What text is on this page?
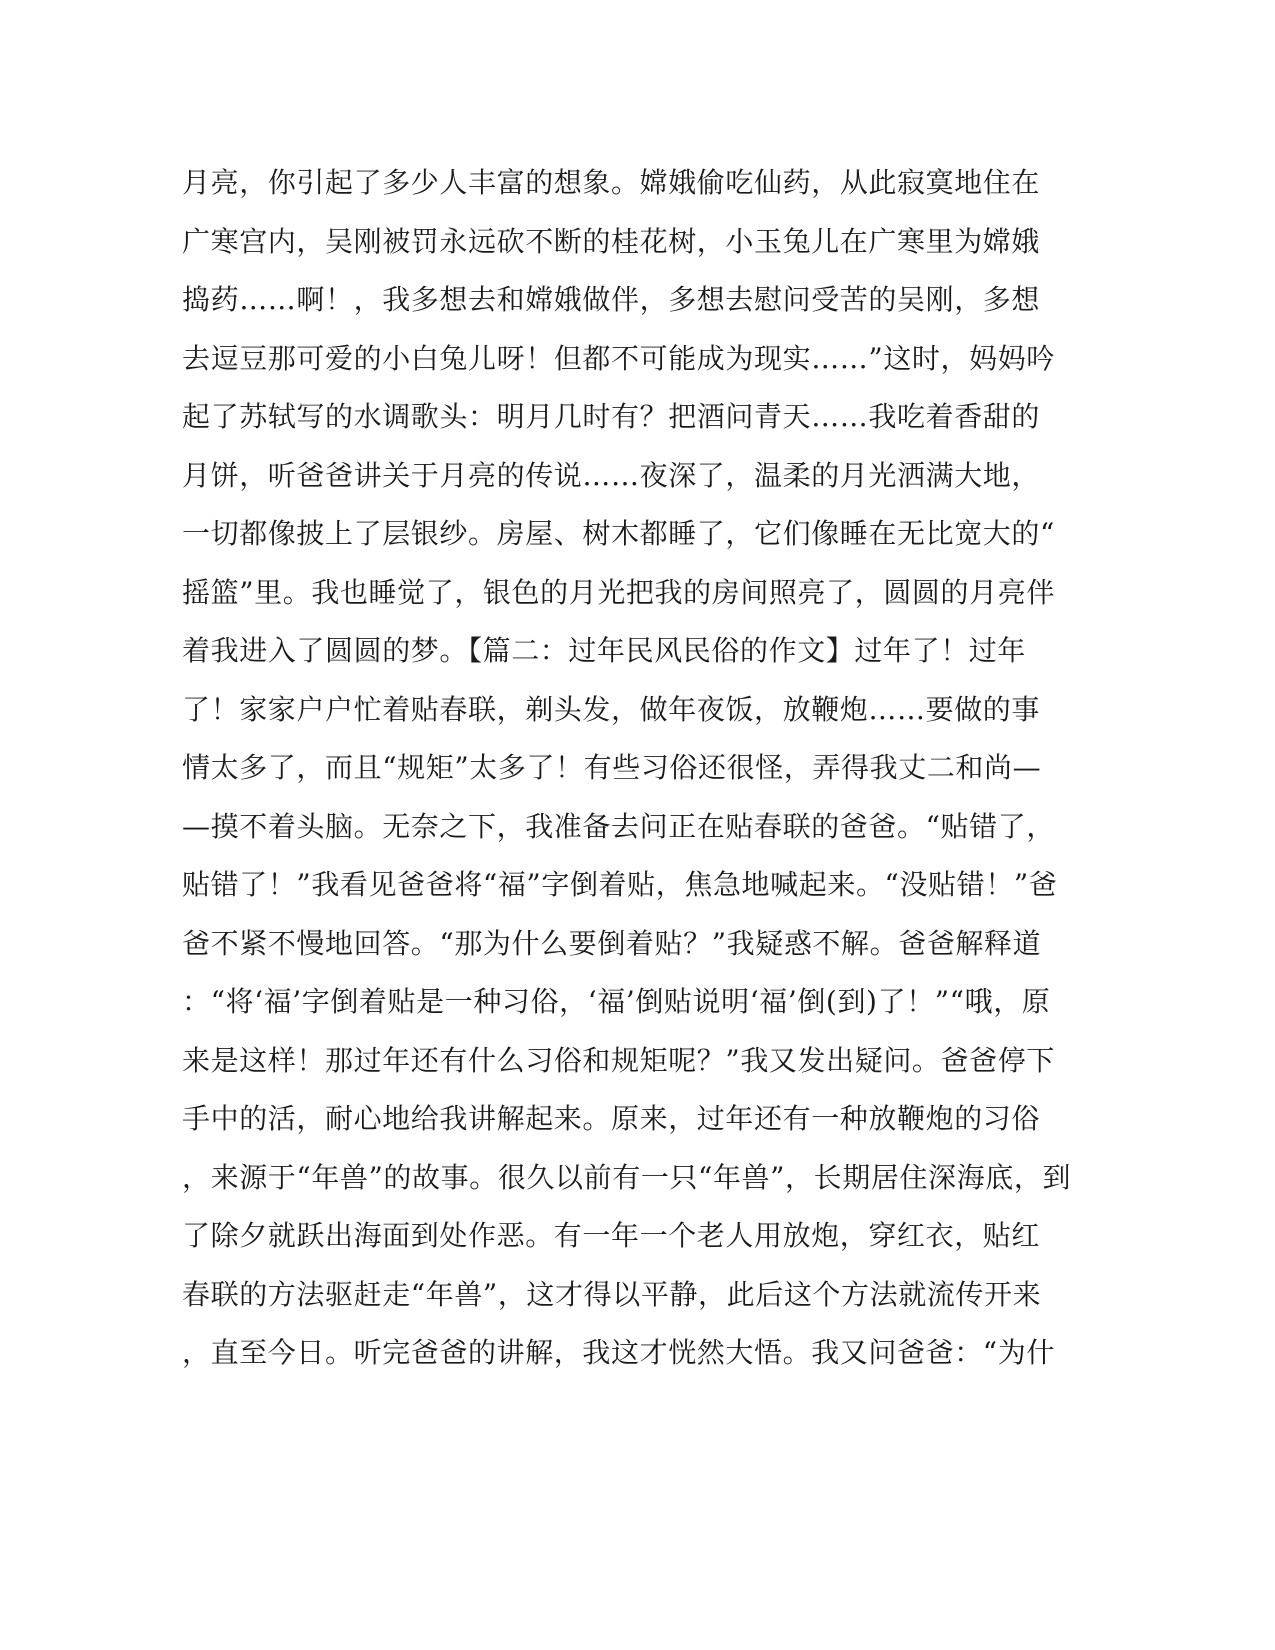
月亮，你引起了多少人丰富的想象。嫦娥偷吃仙药，从此寂寞地住在
广寒宫内，吴刚被罚永远砍不断的桂花树，小玉兔儿在广寒里为嫦娥
捣药……啊！，我多想去和嫦娥做伴，多想去慰问受苦的吴刚，多想
去逗豆那可爱的小白兔儿呀！但都不可能成为现实……”这时，妈妈吟
起了苏轼写的水调歌头：明月几时有？把酒问青天……我吃着香甜的
月饼，听爸爸讲关于月亮的传说……夜深了，温柔的月光洒满大地，
一切都像披上了层银纱。房屋、树木都睡了，它们像睡在无比宽大的“
摇篮”里。我也睡觉了，银色的月光把我的房间照亮了，圆圆的月亮伴
着我进入了圆圆的梦。【篇二：过年民风民俗的作文】过年了！过年
了！家家户户忙着贴春联，剃头发，做年夜饭，放鞭炮……要做的事
情太多了，而且“规矩”太多了！有些习俗还很怪，弄得我丈二和尚—
—摸不着头脑。无奈之下，我准备去问正在贴春联的爸爸。“贴错了，
贴错了！”我看见爸爸将“福”字倒着贴，焦急地喊起来。“没贴错！”爸
爸不紧不慢地回答。“那为什么要倒着贴？”我疑惑不解。爸爸解释道
：“将‘福’字倒着贴是一种习俗，‘福’倒贴说明‘福’倒(到)了！”“哦，原
来是这样！那过年还有什么习俗和规矩呢？”我又发出疑问。爸爸停下
手中的活，耐心地给我讲解起来。原来，过年还有一种放鞭炮的习俗
，来源于“年兽”的故事。很久以前有一只“年兽”，长期居住深海底，到
了除夕就跃出海面到处作恶。有一年一个老人用放炮，穿红衣，贴红
春联的方法驱赶走“年兽”，这才得以平静，此后这个方法就流传开来
，直至今日。听完爸爸的讲解，我这才恍然大悟。我又问爸爸：“为什
